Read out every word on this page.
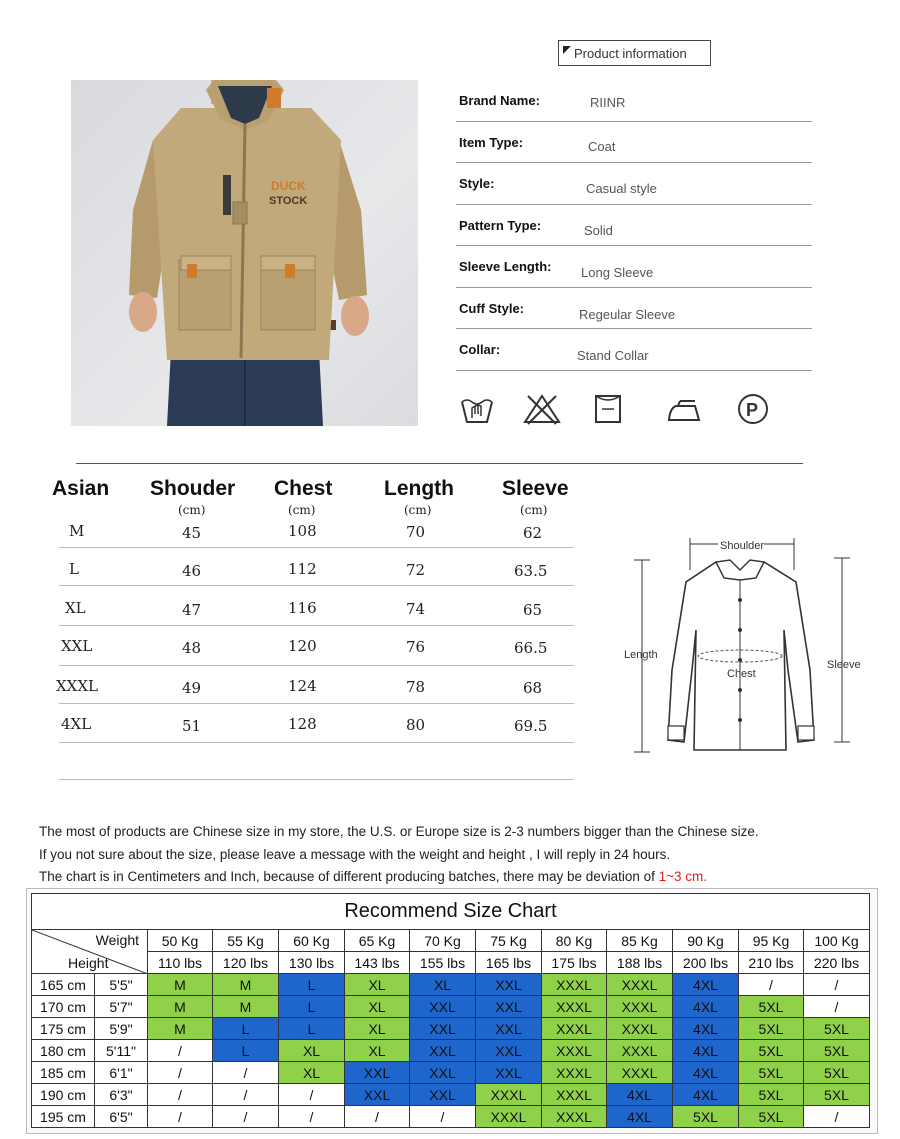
Product information
DUCK
STOCK
Brand Name:	RIINR
Item Type:	Coat
Style:	Casual style
Pattern Type:	Solid
Sleeve Length: Long Sleeve
Cuff Style:	Regeular Sleeve
Collar:	Stand Collar
P
Asian Shouder Chest Length Sleeve
(cm)	(cm)	(cm)	(cm)
M	45	108	70	62
L	46	112	72	63.5
XL	47	116	74	65
XXL	48	120	76	66.5
XXXL	49	124	78	68
4XL	51	128	80	69.5
Shoulder
Length
Sleeve
Chest
The most of products are Chinese size in my store, the U.S. or Europe size is 2-3 numbers bigger than the Chinese size.
If you not sure about the size, please leave a message with the weight and height , I will reply in 24 hours.
The chart is in Centimeters and Inch, because of different producing batches, there may be deviation of 1~3 cm.
Recommend Size Chart												

Weight
Height		50 Kg	55 Kg	60 Kg	65 Kg	70 Kg	75 Kg	80 Kg	85 Kg	90 Kg	95 Kg	100 Kg
		110 lbs	120 lbs	130 lbs	143 lbs	155 lbs	165 lbs	175 lbs	188 lbs	200 lbs	210 lbs	220 lbs
165 cm	5'5"	M	M	L	XL	XL	XXL	XXXL	XXXL	4XL	/	/
170 cm	5'7"	M	M	L	XL	XXL	XXL	XXXL	XXXL	4XL	5XL	/
175 cm	5'9"	M	L	L	XL	XXL	XXL	XXXL	XXXL	4XL	5XL	5XL
180 cm	5'11"	/	L	XL	XL	XXL	XXL	XXXL	XXXL	4XL	5XL	5XL
185 cm	6'1"	/	/	XL	XXL	XXL	XXL	XXXL	XXXL	4XL	5XL	5XL
190 cm	6'3"	/	/	/	XXL	XXL	XXXL	XXXL	4XL	4XL	5XL	5XL
195 cm	6'5"	/	/	/	/	/	XXXL	XXXL	4XL	5XL	5XL	/
